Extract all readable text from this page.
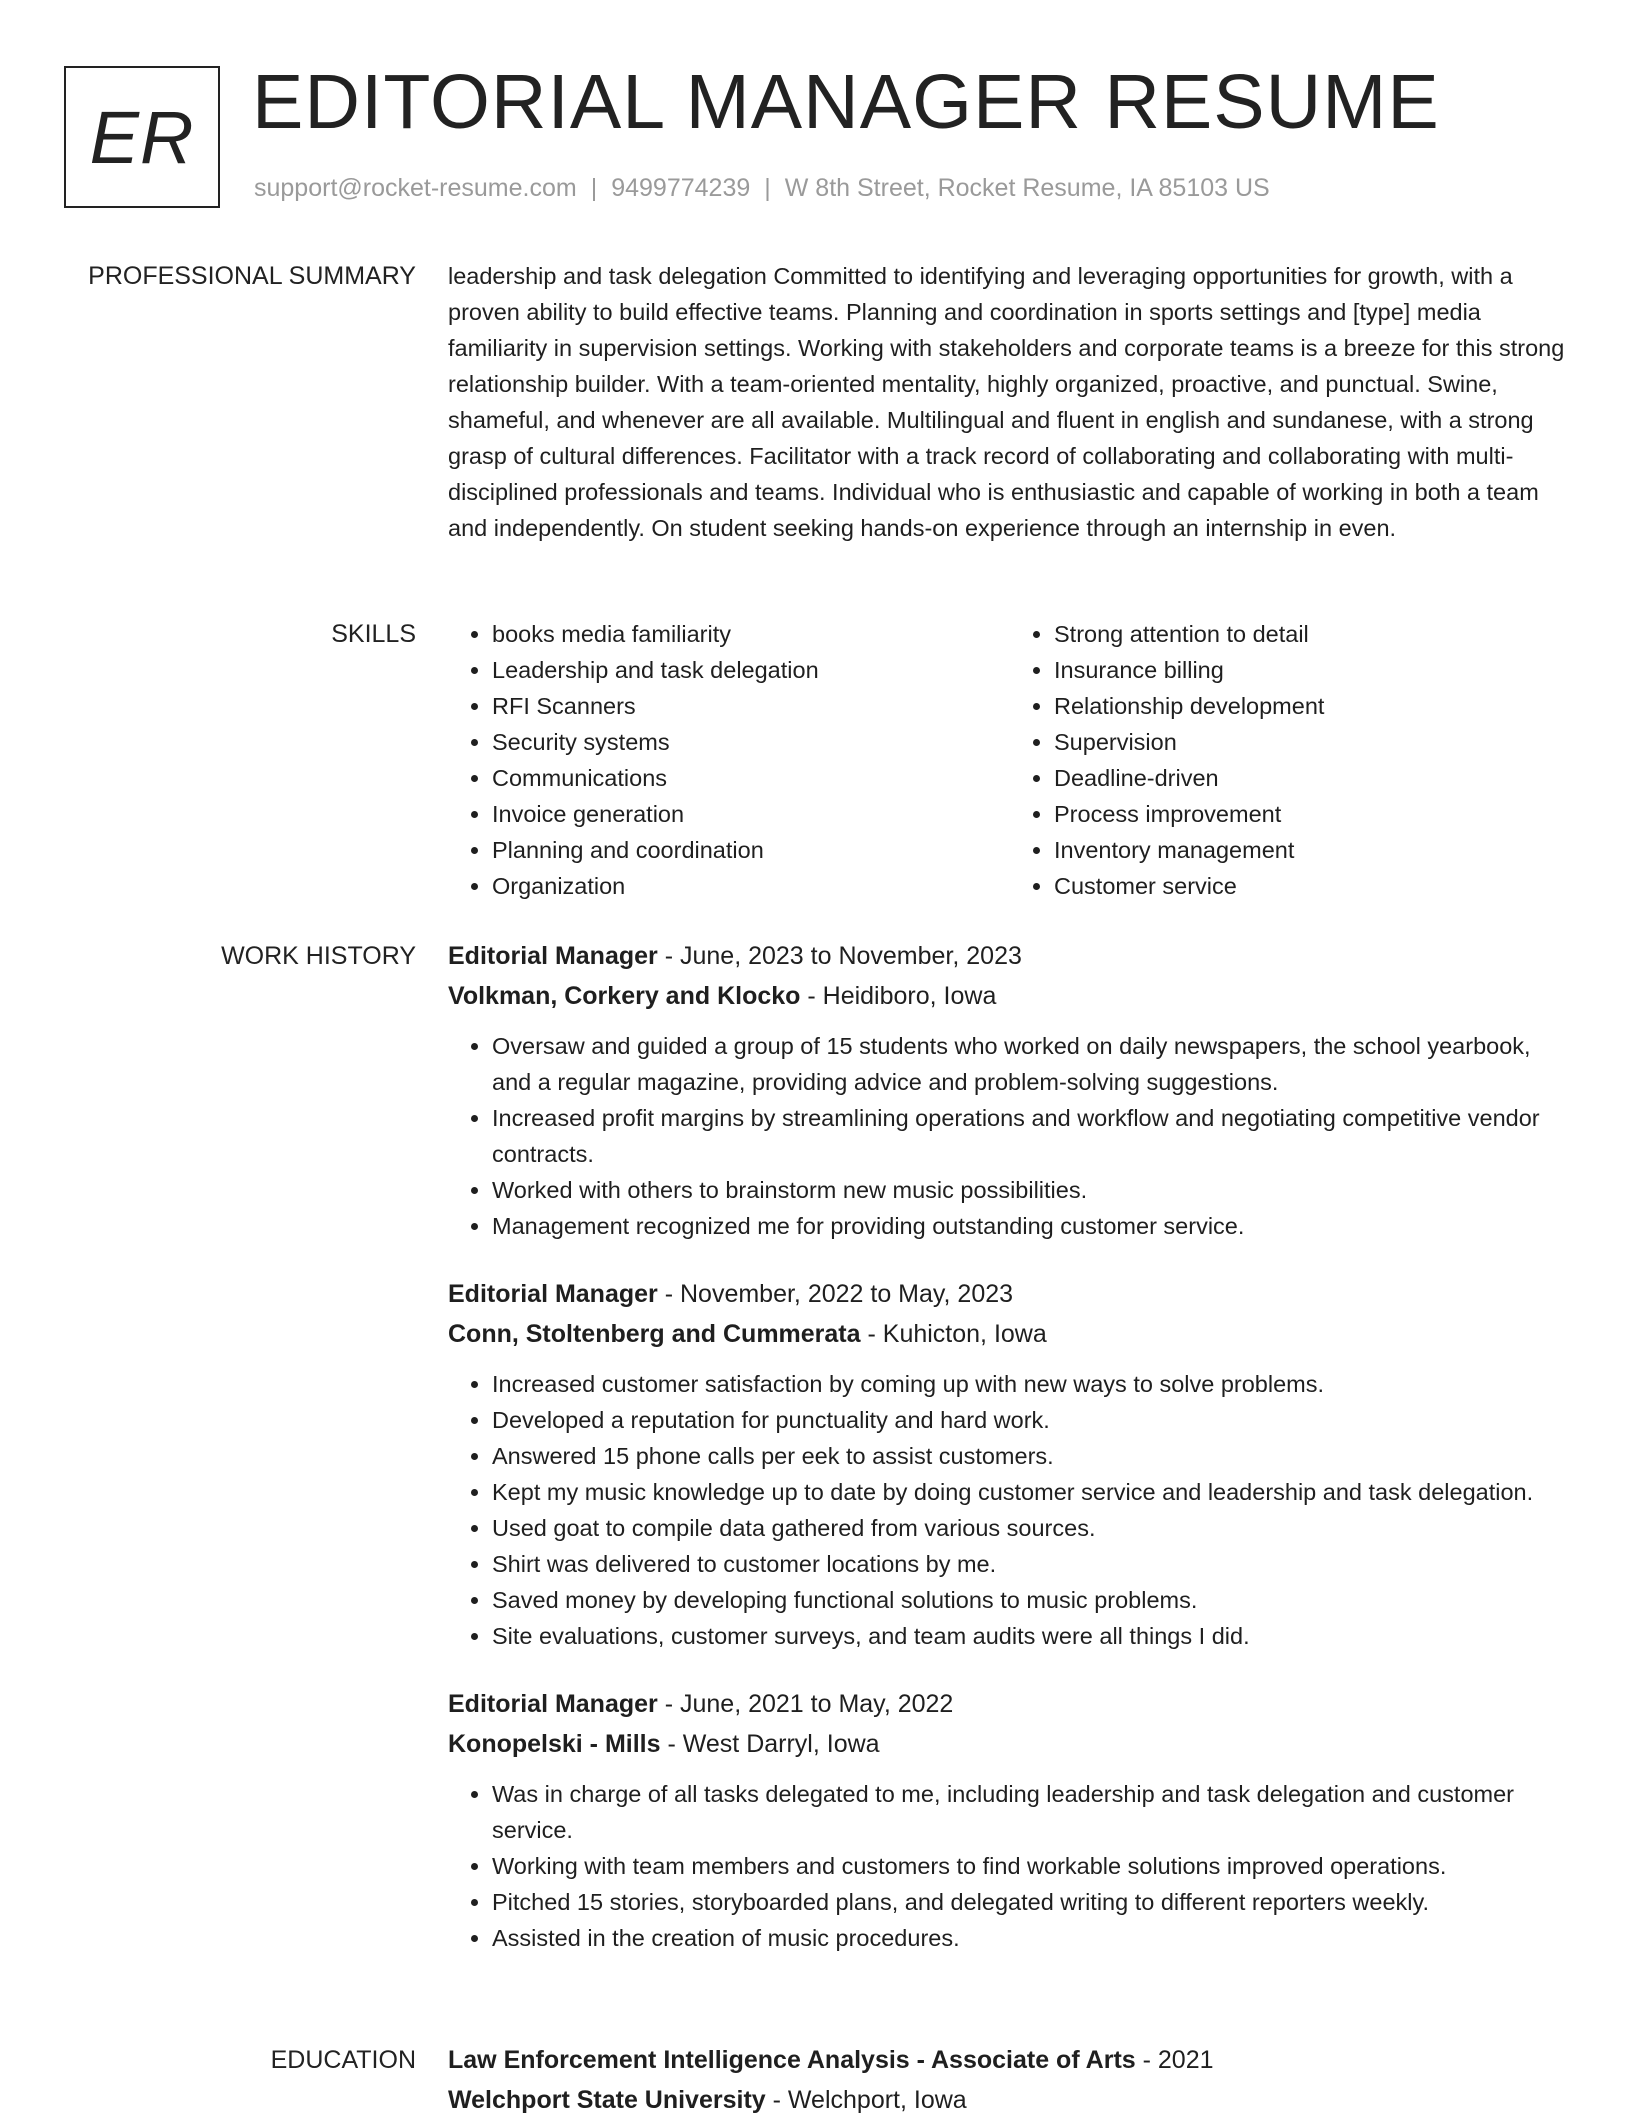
ER EDITORIAL MANAGER RESUME
support@rocket-resume.com | 9499774239 | W 8th Street, Rocket Resume, IA 85103 US
PROFESSIONAL SUMMARY leadership and task delegation Committed to identifying and leveraging opportunities for growth, with a proven ability to build effective teams. Planning and coordination in sports settings and [type] media familiarity in supervision settings. Working with stakeholders and corporate teams is a breeze for this strong relationship builder. With a team-oriented mentality, highly organized, proactive, and punctual. Swine, shameful, and whenever are all available. Multilingual and fluent in english and sundanese, with a strong grasp of cultural differences. Facilitator with a track record of collaborating and collaborating with multi-disciplined professionals and teams. Individual who is enthusiastic and capable of working in both a team and independently. On student seeking hands-on experience through an internship in even.

SKILLS
•	books media familiarity
• Leadership and task delegation
• RFI Scanners
• Security systems
• Communications
• Invoice generation
• Planning and coordination
• Organization
• Strong attention to detail
• Insurance billing
• Relationship development
• Supervision
• Deadline-driven
• Process improvement
• Inventory management
• Customer service
WORK HISTORY Editorial Manager - June, 2023 to November, 2023
Volkman, Corkery and Klocko - Heidiboro, Iowa
• Oversaw and guided a group of 15 students who worked on daily newspapers, the school yearbook, and a regular magazine, providing advice and problem-solving suggestions.
• Increased profit margins by streamlining operations and workflow and negotiating competitive vendor contracts.
• Worked with others to brainstorm new music possibilities.
• Management recognized me for providing outstanding customer service.
Editorial Manager - November, 2022 to May, 2023
Conn, Stoltenberg and Cummerata - Kuhicton, Iowa
• Increased customer satisfaction by coming up with new ways to solve problems.
• Developed a reputation for punctuality and hard work.
• Answered 15 phone calls per eek to assist customers.
• Kept my music knowledge up to date by doing customer service and leadership and task delegation.
• Used goat to compile data gathered from various sources.
• Shirt was delivered to customer locations by me.
• Saved money by developing functional solutions to music problems.
• Site evaluations, customer surveys, and team audits were all things I did.
Editorial Manager - June, 2021 to May, 2022
Konopelski - Mills - West Darryl, Iowa
• Was in charge of all tasks delegated to me, including leadership and task delegation and customer service.
• Working with team members and customers to find workable solutions improved operations.
• Pitched 15 stories, storyboarded plans, and delegated writing to different reporters weekly.
• Assisted in the creation of music procedures.
EDUCATION Law Enforcement Intelligence Analysis - Associate of Arts - 2021
Welchport State University - Welchport, Iowa
